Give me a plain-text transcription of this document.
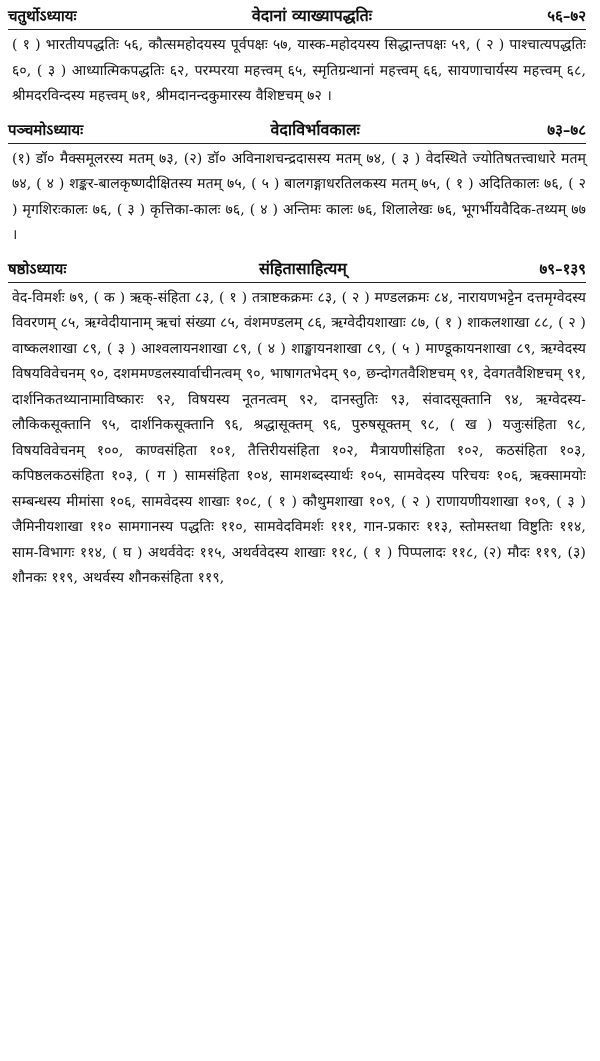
चतुर्थोऽध्यायः	वेदानां व्याख्यापद्धतिः	५६–७२

( १ ) भारतीयपद्धतिः ५६, कौत्समहोदयस्य पूर्वपक्षः ५७, यास्क-महोदयस्य सिद्धान्तपक्षः ५९, ( २ ) पाश्चात्यपद्धतिः ६०, ( ३ ) आध्यात्मिकपद्धतिः ६२, परम्परया महत्त्वम् ६५, स्मृतिग्रन्थानां महत्त्वम् ६६, सायणाचार्यस्य महत्त्वम् ६८, श्रीमदरविन्दस्य महत्त्वम् ७१, श्रीमदानन्दकुमारस्य वैशिष्टचम् ७२ ।

पञ्चमोऽध्यायः	वेदाविर्भावकालः	७३–७८

(१) डॉ० मैक्समूलरस्य मतम् ७३, (२) डॉ० अविनाशचन्द्रदासस्य मतम् ७४, ( ३ ) वेदस्थिते ज्योतिषतत्त्वाधारे मतम् ७४, ( ४ ) शङ्कर-बालकृष्णदीक्षितस्य मतम् ७५, ( ५ ) बालगङ्गाधरतिलकस्य मतम् ७५, ( १ ) अदितिकालः ७६, ( २ ) मृगशिरःकालः ७६, ( ३ ) कृत्तिका-कालः ७६, ( ४ ) अन्तिमः कालः ७६, शिलालेखः ७६, भूगर्भीयवैदिक-तथ्यम् ७७ ।

षष्ठोऽध्यायः	संहितासाहित्यम्	७९–१३९

वेद-विमर्शः ७९, ( क ) ऋक्-संहिता ८३, ( १ ) तत्राष्टकक्रमः ८३, ( २ ) मण्डलक्रमः ८४, नारायणभट्टेन दत्तमृग्वेदस्य विवरणम् ८५, ऋग्वेदीयानाम् ऋचां संख्या ८५, वंशमण्डलम् ८६, ऋग्वेदीयशाखाः ८७, ( १ ) शाकलशाखा ८८, ( २ ) वाष्कलशाखा ८९, ( ३ ) आश्वलायनशाखा ८९, ( ४ ) शाङ्खायनशाखा ८९, ( ५ ) माण्डूकायनशाखा ८९, ऋग्वेदस्य विषयविवेचनम् ९०, दशममण्डलस्यार्वाचीनत्वम् ९०, भाषागतभेदम् ९०, छन्दोगतवैशिष्टचम् ९१, देवगतवैशिष्टचम् ९१, दार्शनिकतथ्यानामाविष्कारः ९२, विषयस्य नूतनत्वम् ९२, दानस्तुतिः ९३, संवादसूक्तानि ९४, ऋग्वेदस्य-लौकिकसूक्तानि ९५, दार्शनिकसूक्तानि ९६, श्रद्धासूक्तम् ९६, पुरुषसूक्तम् ९८, ( ख ) यजुःसंहिता ९८, विषयविवेचनम् १००, काण्वसंहिता १०१, तैत्तिरीयसंहिता १०२, मैत्रायणीसंहिता १०२, कठसंहिता १०३, कपिष्ठलकठसंहिता १०३, ( ग ) सामसंहिता १०४, सामशब्दस्यार्थः १०५, सामवेदस्य परिचयः १०६, ऋक्सामयोः सम्बन्धस्य मीमांसा १०६, सामवेदस्य शाखाः १०८, ( १ ) कौथुमशाखा १०९, ( २ ) राणायणीयशाखा १०९, ( ३ ) जैमिनीयशाखा ११० सामगानस्य पद्धतिः ११०, सामवेदविमर्शः १११, गान-प्रकारः ११३, स्तोमस्तथा विष्टुतिः ११४, साम-विभागः ११४, ( घ ) अथर्ववेदः ११५, अथर्ववेदस्य शाखाः ११८, ( १ ) पिप्पलादः ११८, (२) मौदः ११९, (३) शौनकः ११९, अथर्वस्य शौनकसंहिता ११९,
